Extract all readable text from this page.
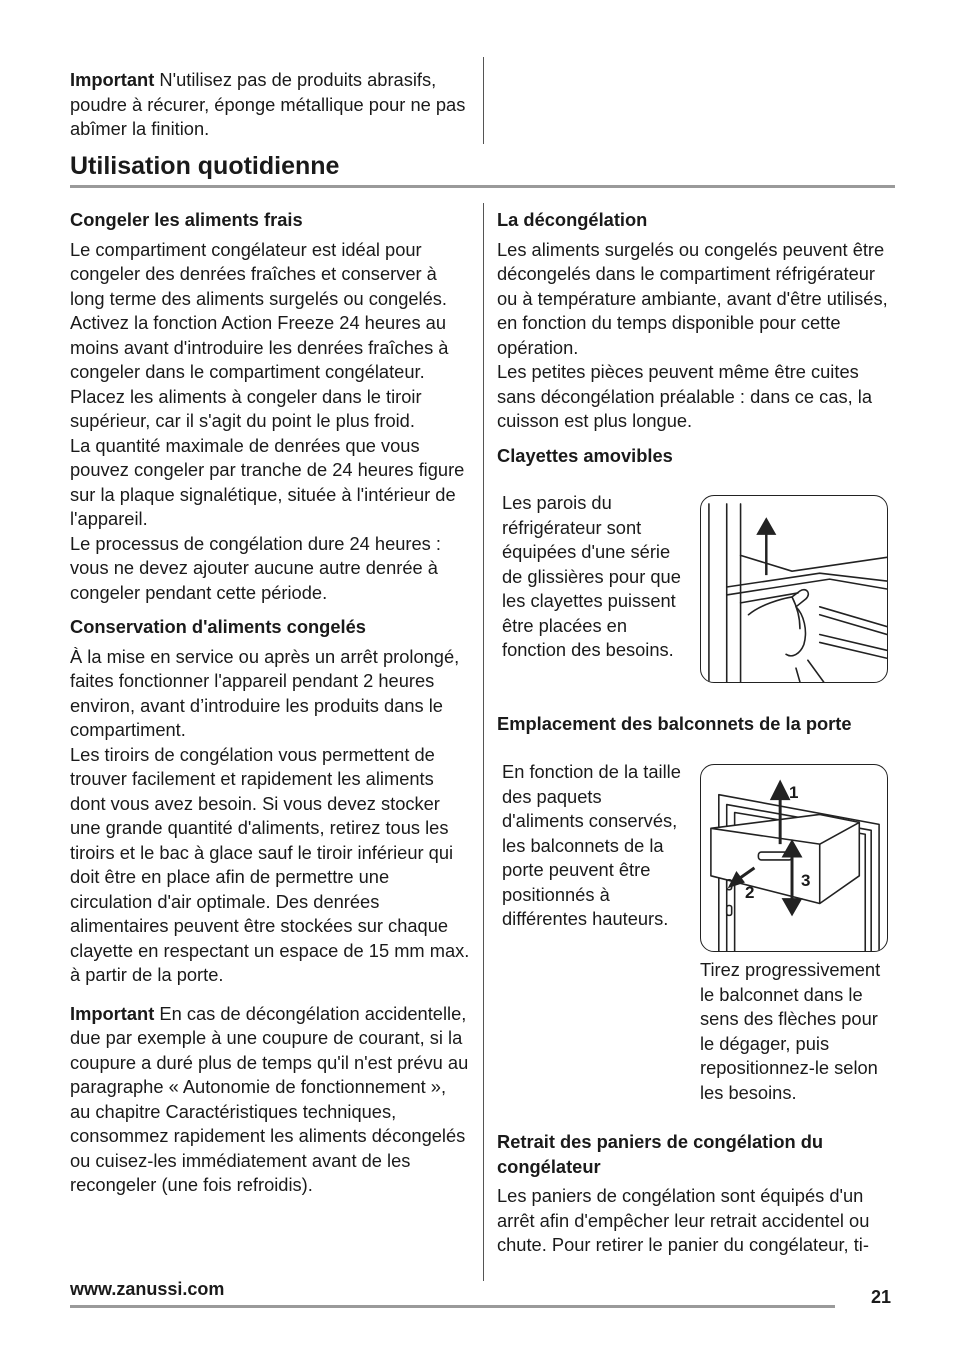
Important N'utilisez pas de produits abrasifs, poudre à récurer, éponge métallique pour ne pas abîmer la finition.
Utilisation quotidienne
Congeler les aliments frais

Le compartiment congélateur est idéal pour congeler des denrées fraîches et conserver à long terme des aliments surgelés ou congelés.

Activez la fonction Action Freeze 24 heures au moins avant d'introduire les denrées fraîches à congeler dans le compartiment congélateur.

Placez les aliments à congeler dans le tiroir supérieur, car il s'agit du point le plus froid.

La quantité maximale de denrées que vous pouvez congeler par tranche de 24 heures figure sur la plaque signalétique, située à l'intérieur de l'appareil.

Le processus de congélation dure 24 heures : vous ne devez ajouter aucune autre denrée à congeler pendant cette période.

Conservation d'aliments congelés

À la mise en service ou après un arrêt prolongé, faites fonctionner l'appareil pendant 2 heures environ, avant d’introduire les produits dans le compartiment.

Les tiroirs de congélation vous permettent de trouver facilement et rapidement les aliments dont vous avez besoin. Si vous devez stocker une grande quantité d'aliments, retirez tous les tiroirs et le bac à glace sauf le tiroir inférieur qui doit être en place afin de permettre une circulation d'air optimale. Des denrées alimentaires peuvent être stockées sur chaque clayette en respectant un espace de 15 mm max. à partir de la porte.

Important En cas de décongélation accidentelle, due par exemple à une coupure de courant, si la coupure a duré plus de temps qu'il n'est prévu au paragraphe « Autonomie de fonctionnement », au chapitre Caractéristiques techniques, consommez rapidement les aliments décongelés ou cuisez-les immédiatement avant de les recongeler (une fois refroidis).
La décongélation

Les aliments surgelés ou congelés peuvent être décongelés dans le compartiment réfrigérateur ou à température ambiante, avant d'être utilisés, en fonction du temps disponible pour cette opération.

Les petites pièces peuvent même être cuites sans décongélation préalable : dans ce cas, la cuisson est plus longue.

Clayettes amovibles
Les parois du réfrigérateur sont équipées d'une série de glissières pour que les clayettes puissent être placées en fonction des besoins.
Emplacement des balconnets de la porte
En fonction de la taille des paquets d'aliments conservés, les balconnets de la porte peuvent être positionnés à différentes hauteurs.
1
2
3
Tirez progressivement le balconnet dans le sens des flèches pour le dégager, puis repositionnez-le selon les besoins.
Retrait des paniers de congélation du congélateur
Les paniers de congélation sont équipés d'un arrêt afin d'empêcher leur retrait accidentel ou chute. Pour retirer le panier du congélateur, ti-
www.zanussi.com	21
